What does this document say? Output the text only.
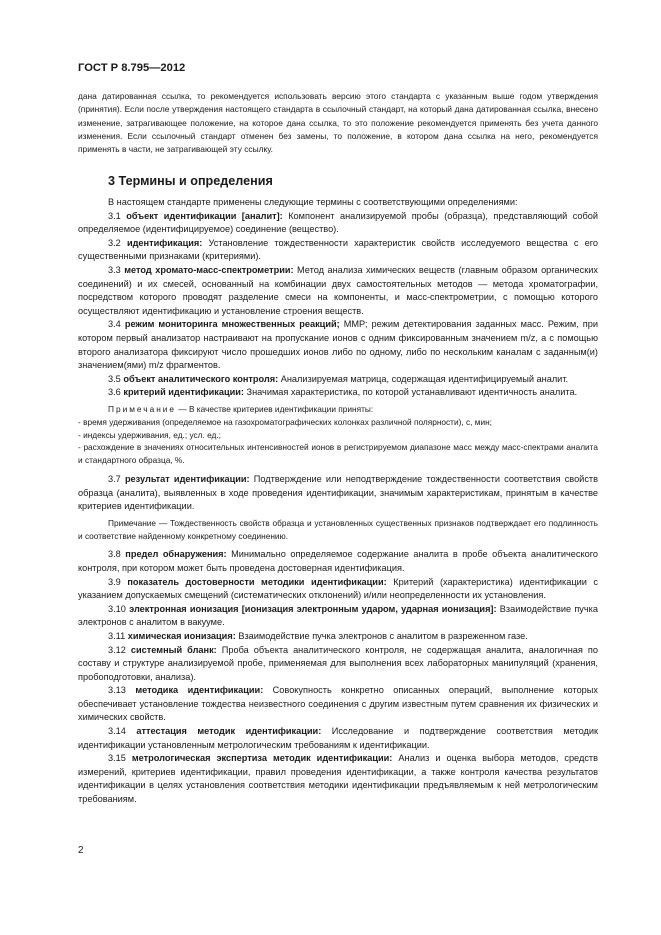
ГОСТ Р 8.795—2012
дана датированная ссылка, то рекомендуется использовать версию этого стандарта с указанным выше годом утверждения (принятия). Если после утверждения настоящего стандарта в ссылочный стандарт, на который дана датированная ссылка, внесено изменение, затрагивающее положение, на которое дана ссылка, то это положение рекомендуется применять без учета данного изменения. Если ссылочный стандарт отменен без замены, то положение, в котором дана ссылка на него, рекомендуется применять в части, не затрагивающей эту ссылку.
3 Термины и определения
В настоящем стандарте применены следующие термины с соответствующими определениями:
3.1 объект идентификации [аналит]: Компонент анализируемой пробы (образца), представляющий собой определяемое (идентифицируемое) соединение (вещество).
3.2 идентификация: Установление тождественности характеристик свойств исследуемого вещества с его существенными признаками (критериями).
3.3 метод хромато-масс-спектрометрии: Метод анализа химических веществ (главным образом органических соединений) и их смесей, основанный на комбинации двух самостоятельных методов — метода хроматографии, посредством которого проводят разделение смеси на компоненты, и масс-спектрометрии, с помощью которого осуществляют идентификацию и установление строения веществ.
3.4 режим мониторинга множественных реакций; ММР; режим детектирования заданных масс. Режим, при котором первый анализатор настраивают на пропускание ионов с одним фиксированным значением m/z, а с помощью второго анализатора фиксируют число прошедших ионов либо по одному, либо по нескольким каналам с заданным(и) значением(ями) m/z фрагментов.
3.5 объект аналитического контроля: Анализируемая матрица, содержащая идентифицируемый аналит.
3.6 критерий идентификации: Значимая характеристика, по которой устанавливают идентичность аналита.
Примечание — В качестве критериев идентификации приняты:
- время удерживания (определяемое на газохроматографических колонках различной полярности), с, мин;
- индексы удерживания, ед.; усл. ед.;
- расхождение в значениях относительных интенсивностей ионов в регистрируемом диапазоне масс между масс-спектрами аналита и стандартного образца, %.
3.7 результат идентификации: Подтверждение или неподтверждение тождественности соответствия свойств образца (аналита), выявленных в ходе проведения идентификации, значимым характеристикам, принятым в качестве критериев идентификации.
Примечание — Тождественность свойств образца и установленных существенных признаков подтверждает его подлинность и соответствие найденному конкретному соединению.
3.8 предел обнаружения: Минимально определяемое содержание аналита в пробе объекта аналитического контроля, при котором может быть проведена достоверная идентификация.
3.9 показатель достоверности методики идентификации: Критерий (характеристика) идентификации с указанием допускаемых смещений (систематических отклонений) и/или неопределенности их установления.
3.10 электронная ионизация [ионизация электронным ударом, ударная ионизация]: Взаимодействие пучка электронов с аналитом в вакууме.
3.11 химическая ионизация: Взаимодействие пучка электронов с аналитом в разреженном газе.
3.12 системный бланк: Проба объекта аналитического контроля, не содержащая аналита, аналогичная по составу и структуре анализируемой пробе, применяемая для выполнения всех лабораторных манипуляций (хранения, пробоподготовки, анализа).
3.13 методика идентификации: Совокупность конкретно описанных операций, выполнение которых обеспечивает установление тождества неизвестного соединения с другим известным путем сравнения их физических и химических свойств.
3.14 аттестация методик идентификации: Исследование и подтверждение соответствия методик идентификации установленным метрологическим требованиям к идентификации.
3.15 метрологическая экспертиза методик идентификации: Анализ и оценка выбора методов, средств измерений, критериев идентификации, правил проведения идентификации, а также контроля качества результатов идентификации в целях установления соответствия методики идентификации предъявляемым к ней метрологическим требованиям.
2
